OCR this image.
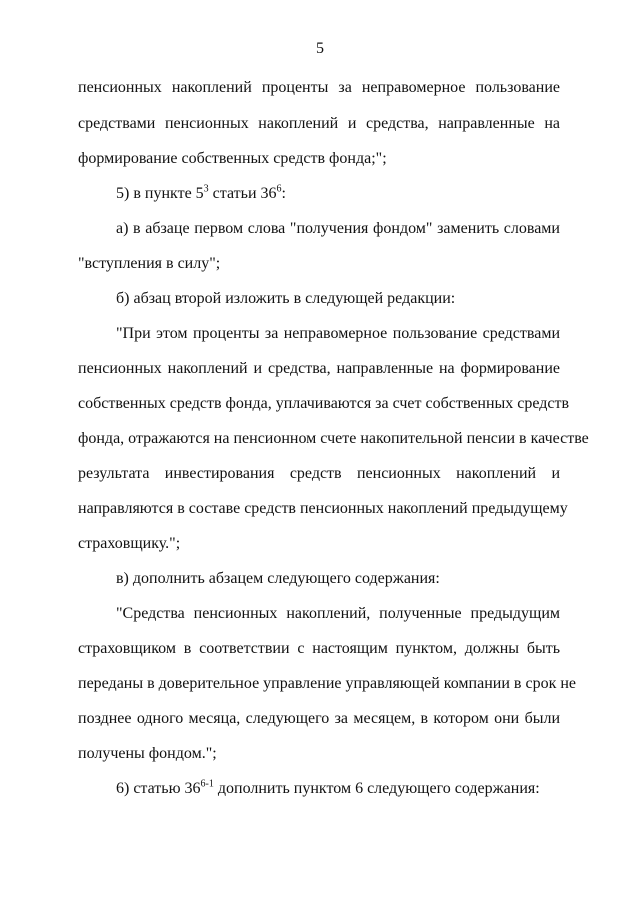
5
пенсионных накоплений проценты за неправомерное пользование
средствами пенсионных накоплений и средства, направленные на
формирование собственных средств фонда;";
5) в пункте $5^3$ статьи $36^6$:
а) в абзаце первом слова "получения фондом" заменить словами
"вступления в силу";
б) абзац второй изложить в следующей редакции:
"При этом проценты за неправомерное пользование средствами
пенсионных накоплений и средства, направленные на формирование
собственных средств фонда, уплачиваются за счет собственных средств
фонда, отражаются на пенсионном счете накопительной пенсии в качестве
результата инвестирования средств пенсионных накоплений и
направляются в составе средств пенсионных накоплений предыдущему
страховщику.";
в) дополнить абзацем следующего содержания:
"Средства пенсионных накоплений, полученные предыдущим
страховщиком в соответствии с настоящим пунктом, должны быть
переданы в доверительное управление управляющей компании в срок не
позднее одного месяца, следующего за месяцем, в котором они были
получены фондом.";
6) статью 36$^{6-1}$ дополнить пунктом 6 следующего содержания:
